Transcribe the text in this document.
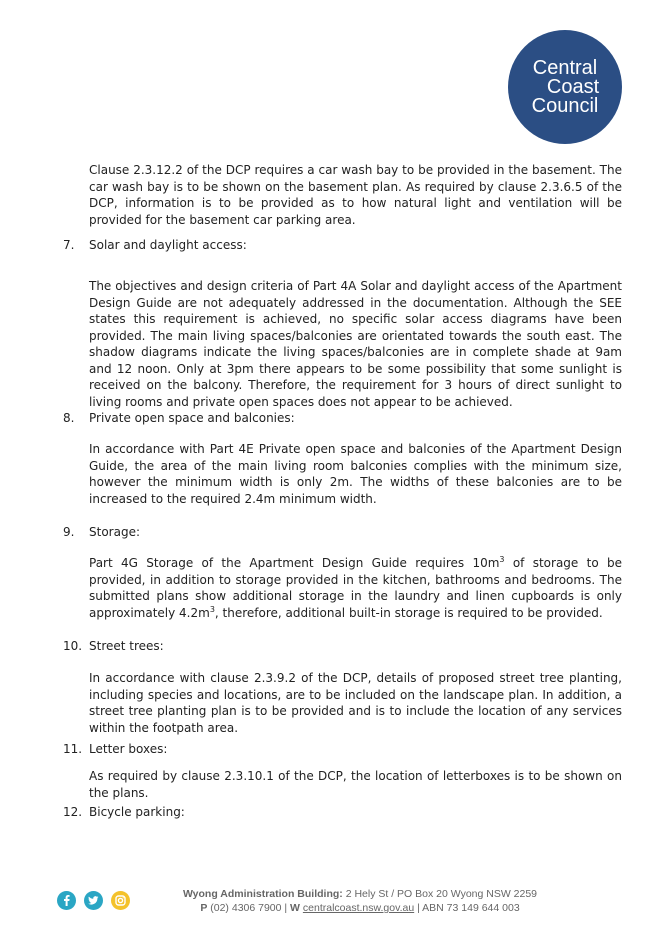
Central
Coast
Council

Clause 2.3.12.2 of the DCP requires a car wash bay to be provided in the basement. The car wash bay is to be shown on the basement plan. As required by clause 2.3.6.5 of the DCP, information is to be provided as to how natural light and ventilation will be provided for the basement car parking area.

7. Solar and daylight access:

The objectives and design criteria of Part 4A Solar and daylight access of the Apartment Design Guide are not adequately addressed in the documentation. Although the SEE states this requirement is achieved, no specific solar access diagrams have been provided. The main living spaces/balconies are orientated towards the south east. The shadow diagrams indicate the living spaces/balconies are in complete shade at 9am and 12 noon. Only at 3pm there appears to be some possibility that some sunlight is received on the balcony. Therefore, the requirement for 3 hours of direct sunlight to living rooms and private open spaces does not appear to be achieved.

8. Private open space and balconies:

In accordance with Part 4E Private open space and balconies of the Apartment Design Guide, the area of the main living room balconies complies with the minimum size, however the minimum width is only 2m. The widths of these balconies are to be increased to the required 2.4m minimum width.

9. Storage:

Part 4G Storage of the Apartment Design Guide requires $10m^3$ of storage to be provided, in addition to storage provided in the kitchen, bathrooms and bedrooms. The submitted plans show additional storage in the laundry and linen cupboards is only approximately $4.2m^3$, therefore, additional built-in storage is required to be provided.

10. Street trees:

In accordance with clause 2.3.9.2 of the DCP, details of proposed street tree planting, including species and locations, are to be included on the landscape plan. In addition, a street tree planting plan is to be provided and is to include the location of any services within the footpath area.

11. Letter boxes:

As required by clause 2.3.10.1 of the DCP, the location of letterboxes is to be shown on the plans.

12. Bicycle parking:
Wyong Administration Building: 2 Hely St / PO Box 20 Wyong NSW 2259
P (02) 4306 7900 | W centralcoast.nsw.gov.au | ABN 73 149 644 003
